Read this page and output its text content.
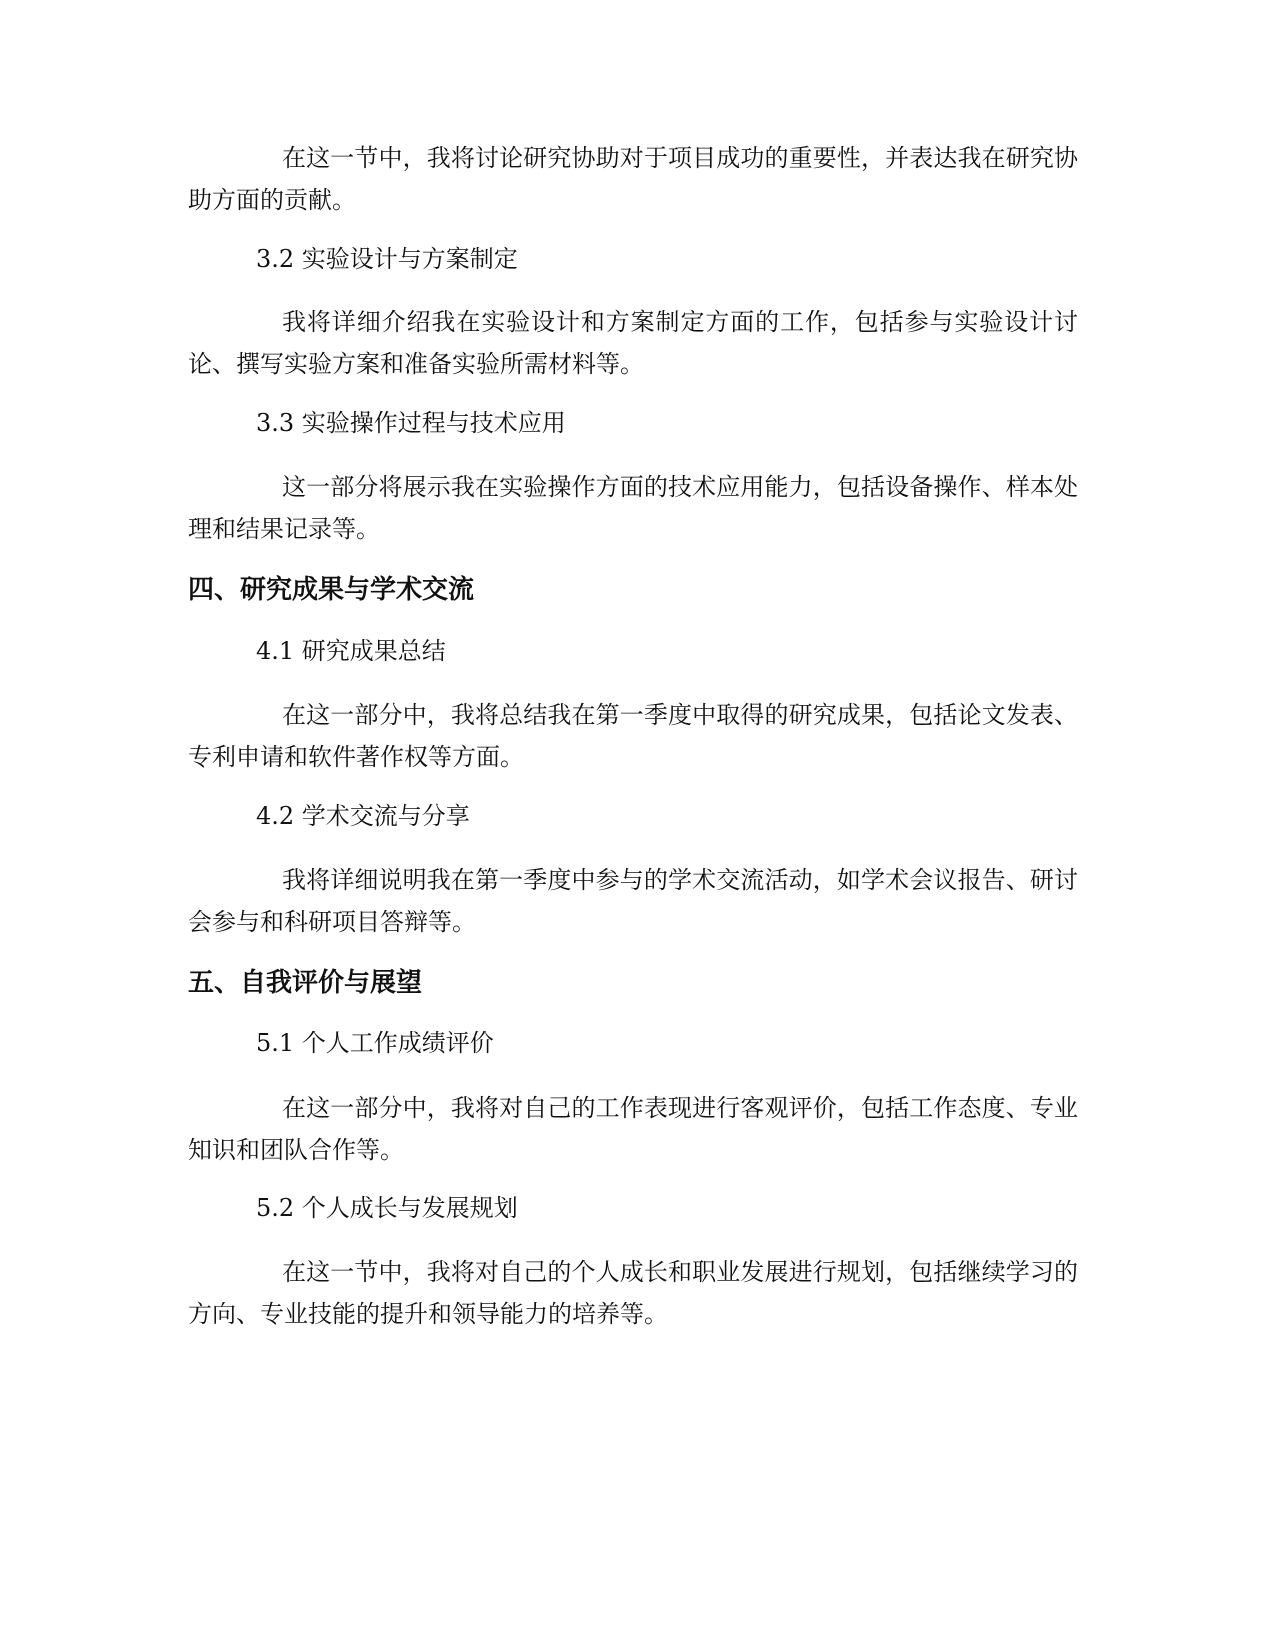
在这一节中，我将讨论研究协助对于项目成功的重要性，并表达我在研究协助方面的贡献。

3.2 实验设计与方案制定

我将详细介绍我在实验设计和方案制定方面的工作，包括参与实验设计讨论、撰写实验方案和准备实验所需材料等。

3.3 实验操作过程与技术应用

这一部分将展示我在实验操作方面的技术应用能力，包括设备操作、样本处理和结果记录等。

四、研究成果与学术交流

4.1 研究成果总结

在这一部分中，我将总结我在第一季度中取得的研究成果，包括论文发表、专利申请和软件著作权等方面。

4.2 学术交流与分享

我将详细说明我在第一季度中参与的学术交流活动，如学术会议报告、研讨会参与和科研项目答辩等。

五、自我评价与展望

5.1 个人工作成绩评价

在这一部分中，我将对自己的工作表现进行客观评价，包括工作态度、专业知识和团队合作等。

5.2 个人成长与发展规划

在这一节中，我将对自己的个人成长和职业发展进行规划，包括继续学习的方向、专业技能的提升和领导能力的培养等。
